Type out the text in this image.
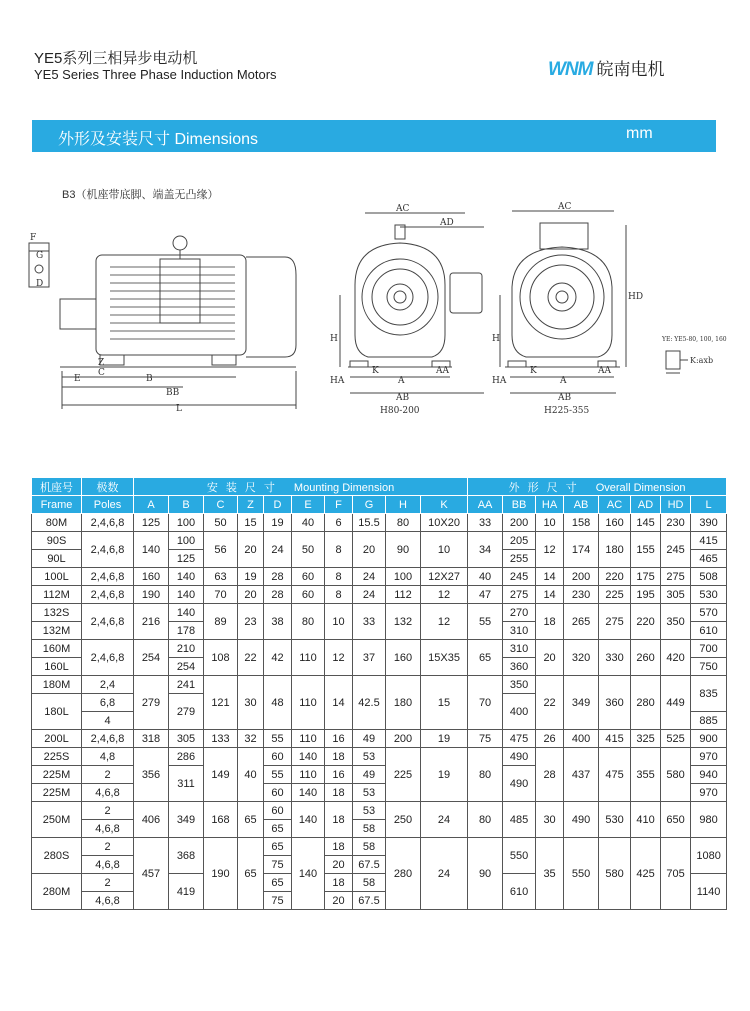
YE5系列三相异步电动机
YE5 Series Three Phase Induction Motors	WNM 皖南电机
外形及安装尺寸 Dimensions	mm
B3（机座带底脚、端盖无凸缘）
F
G
D
Z
C
E	B
BB
L
AC
AD
H
HA
K	AA
A
AB
H80-200
AC
HD
H
HA
K	AA
A
AB
H225-355
YE: YE5-80, 100, 160
K:axb
机座号	极数	安装尺寸 Mounting Dimension										外形尺寸 Overall Dimension							
Frame	Poles	A	B	C	Z	D	E	F	G	H	K	AA	BB	HA	AB	AC	AD	HD	L
80M	2,4,6,8	125	100	50	15	19	40	6	15.5	80	10X20	33	200	10	158	160	145	230	390
90S	2,4,6,8	140	100	56	20	24	50	8	20	90	10	34	205	12	174	180	155	245	415
90L			125										255						465
100L	2,4,6,8	160	140	63	19	28	60	8	24	100	12X27	40	245	14	200	220	175	275	508
112M	2,4,6,8	190	140	70	20	28	60	8	24	112	12	47	275	14	230	225	195	305	530
132S	2,4,6,8	216	140	89	23	38	80	10	33	132	12	55	270	18	265	275	220	350	570
132M			178										310						610
160M	2,4,6,8	254	210	108	22	42	110	12	37	160	15X35	65	310	20	320	330	260	420	700
160L			254										360						750
180M	2,4	279	241	121	30	48	110	14	42.5	180	15	70	350	22	349	360	280	449	835
180L	6,8		279										400						
	4																		885
200L	2,4,6,8	318	305	133	32	55	110	16	49	200	19	75	475	26	400	415	325	525	900
225S	4,8	356	286	149	40	60	140	18	53	225	19	80	490	28	437	475	355	580	970
225M	2		311			55	110	16	49				490						940
225M	4,6,8					60	140	18	53										970
250M	2	406	349	168	65	60	140	18	53	250	24	80	485	30	490	530	410	650	980
	4,6,8					65			58										
280S	2	457	368	190	65	65	140	18	58	280	24	90	550	35	550	580	425	705	1080
	4,6,8					75		20	67.5										
280M	2		419			65		18	58				610						1140
	4,6,8					75		20	67.5										
